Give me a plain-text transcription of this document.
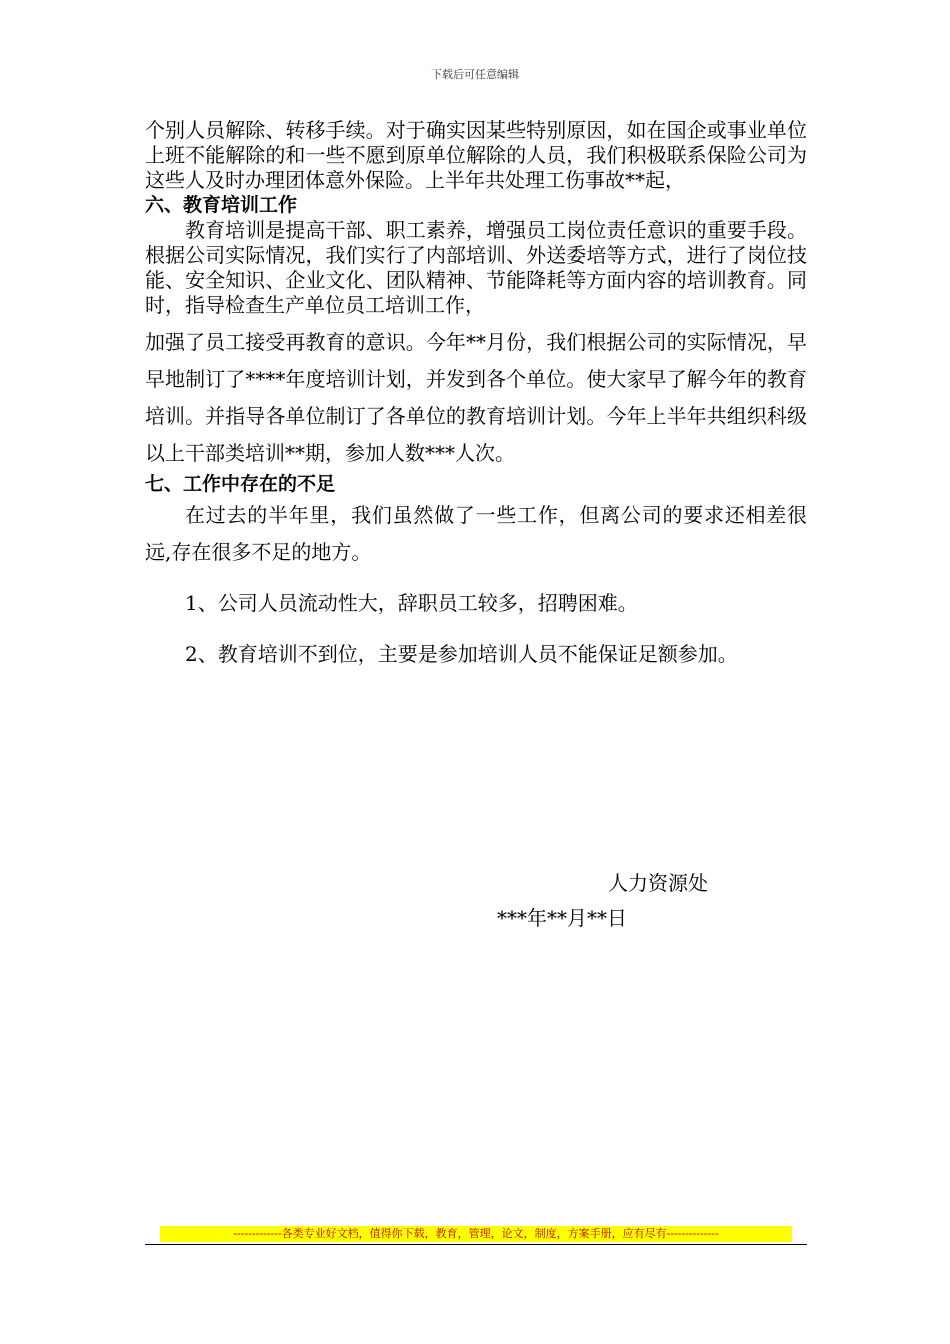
下载后可任意编辑

个别人员解除、转移手续。对于确实因某些特别原因，如在国企或事业单位上班不能解除的和一些不愿到原单位解除的人员，我们积极联系保险公司为这些人及时办理团体意外保险。上半年共处理工伤事故**起，

六、教育培训工作

教育培训是提高干部、职工素养，增强员工岗位责任意识的重要手段。根据公司实际情况，我们实行了内部培训、外送委培等方式，进行了岗位技能、安全知识、企业文化、团队精神、节能降耗等方面内容的培训教育。同时，指导检查生产单位员工培训工作，

加强了员工接受再教育的意识。今年**月份，我们根据公司的实际情况，早早地制订了****年度培训计划，并发到各个单位。使大家早了解今年的教育培训。并指导各单位制订了各单位的教育培训计划。今年上半年共组织科级以上干部类培训**期，参加人数***人次。

七、工作中存在的不足

在过去的半年里，我们虽然做了一些工作，但离公司的要求还相差很远,存在很多不足的地方。

1、公司人员流动性大，辞职员工较多，招聘困难。

2、教育培训不到位，主要是参加培训人员不能保证足额参加。

人力资源处
***年**月**日
-------------各类专业好文档，值得你下载，教育，管理，论文，制度，方案手册，应有尽有--------------
